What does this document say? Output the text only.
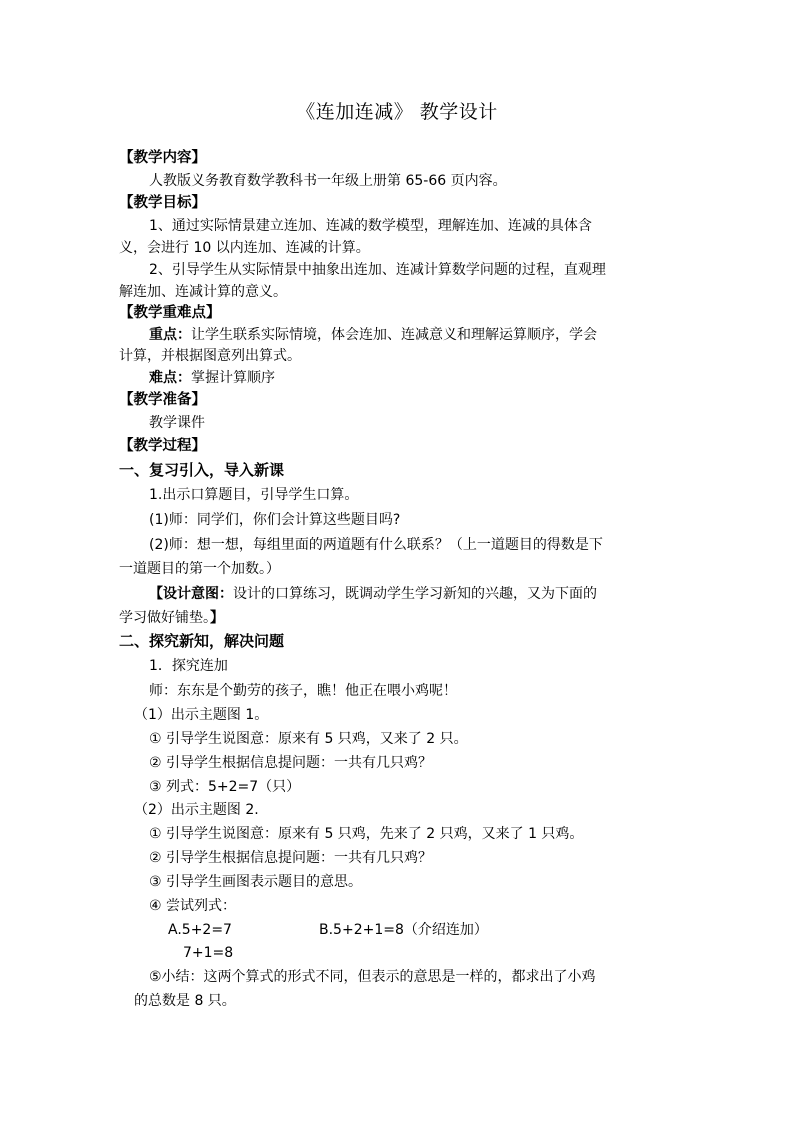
《连加连减》 教学设计
【教学内容】
人教版义务教育数学教科书一年级上册第 65-66 页内容。
【教学目标】
1、通过实际情景建立连加、连减的数学模型，理解连加、连减的具体含
义，会进行 10 以内连加、连减的计算。
2、引导学生从实际情景中抽象出连加、连减计算数学问题的过程，直观理
解连加、连减计算的意义。
【教学重难点】
重点：让学生联系实际情境，体会连加、连减意义和理解运算顺序，学会
计算，并根据图意列出算式。
难点：掌握计算顺序
【教学准备】
教学课件
【教学过程】
一、复习引入，导入新课
1.出示口算题目，引导学生口算。
(1)师：同学们，你们会计算这些题目吗?
(2)师：想一想，每组里面的两道题有什么联系？（上一道题目的得数是下
一道题目的第一个加数。）
【设计意图：设计的口算练习，既调动学生学习新知的兴趣，又为下面的
学习做好铺垫。】
二、探究新知，解决问题
1．探究连加
师：东东是个勤劳的孩子，瞧！他正在喂小鸡呢！
（1）出示主题图 1。
① 引导学生说图意：原来有 5 只鸡，又来了 2 只。
② 引导学生根据信息提问题：一共有几只鸡？
③ 列式：5+2=7（只）
（2）出示主题图 2.
① 引导学生说图意：原来有 5 只鸡，先来了 2 只鸡，又来了 1 只鸡。
② 引导学生根据信息提问题：一共有几只鸡？
③ 引导学生画图表示题目的意思。
④ 尝试列式：
A.5+2=7	B.5+2+1=8（介绍连加）
7+1=8
⑤小结：这两个算式的形式不同，但表示的意思是一样的，都求出了小鸡
的总数是 8 只。
